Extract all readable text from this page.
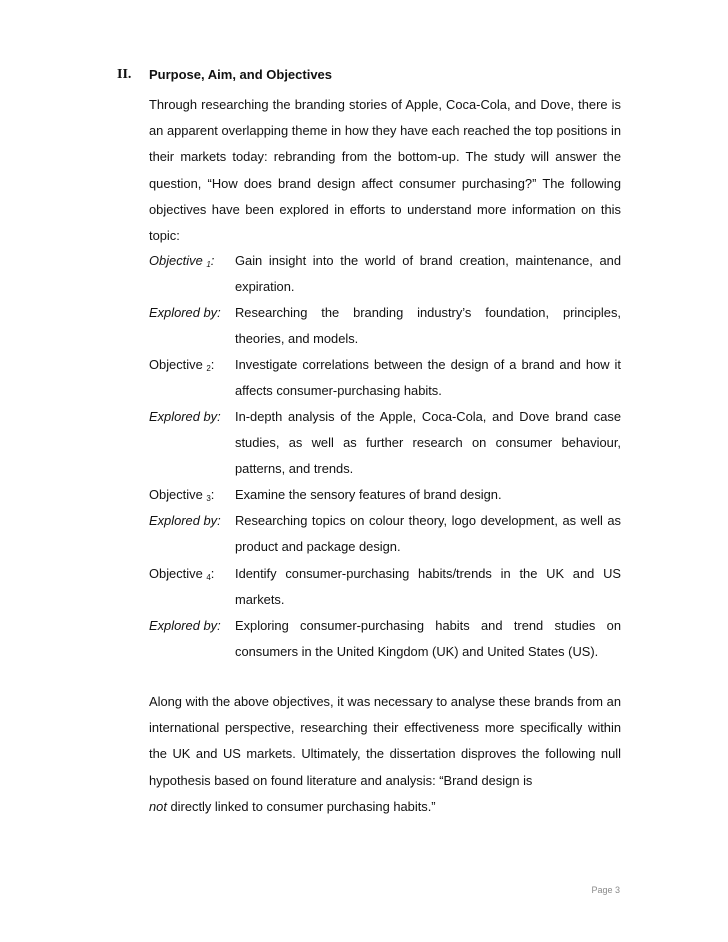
II. Purpose, Aim, and Objectives
Through researching the branding stories of Apple, Coca-Cola, and Dove, there is an apparent overlapping theme in how they have each reached the top positions in their markets today: rebranding from the bottom-up. The study will answer the question, “How does brand design affect consumer purchasing?” The following objectives have been explored in efforts to understand more information on this topic:
Objective $_1$:	Gain insight into the world of brand creation, maintenance, and expiration.
Explored by:	Researching the branding industry’s foundation, principles, theories, and models.
Objective $_2$:	Investigate correlations between the design of a brand and how it affects consumer-purchasing habits.
Explored by:	In-depth analysis of the Apple, Coca-Cola, and Dove brand case studies, as well as further research on consumer behaviour, patterns, and trends.
Objective $_3$:	Examine the sensory features of brand design.
Explored by:	Researching topics on colour theory, logo development, as well as product and package design.
Objective $_4$:	Identify consumer-purchasing habits/trends in the UK and US markets.
Explored by:	Exploring consumer-purchasing habits and trend studies on consumers in the United Kingdom (UK) and United States (US).
Along with the above objectives, it was necessary to analyse these brands from an international perspective, researching their effectiveness more specifically within the UK and US markets. Ultimately, the dissertation disproves the following null hypothesis based on found literature and analysis: “Brand design is
not directly linked to consumer purchasing habits.”
Page 3
